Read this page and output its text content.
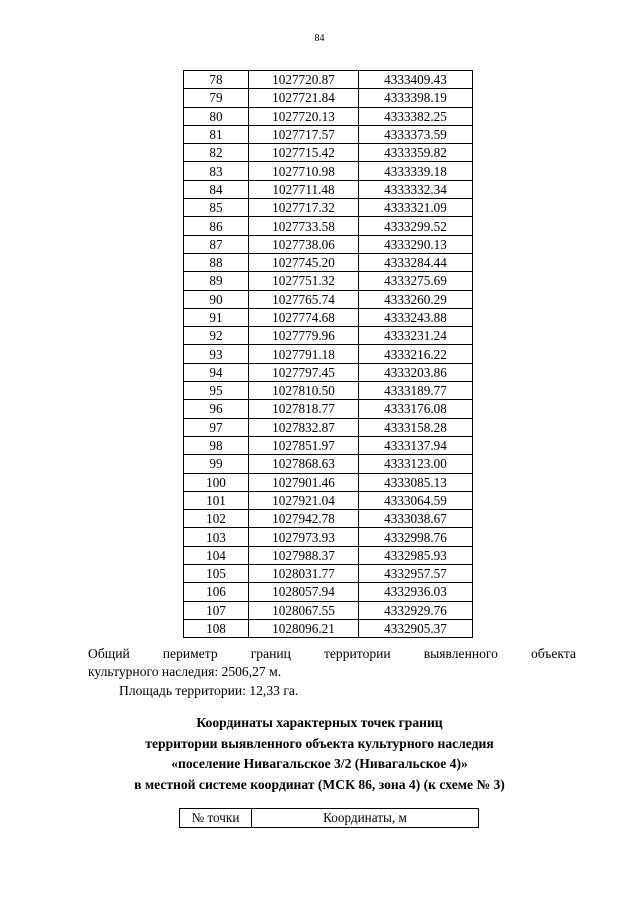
84
78	1027720.87	4333409.43
79	1027721.84	4333398.19
80	1027720.13	4333382.25
81	1027717.57	4333373.59
82	1027715.42	4333359.82
83	1027710.98	4333339.18
84	1027711.48	4333332.34
85	1027717.32	4333321.09
86	1027733.58	4333299.52
87	1027738.06	4333290.13
88	1027745.20	4333284.44
89	1027751.32	4333275.69
90	1027765.74	4333260.29
91	1027774.68	4333243.88
92	1027779.96	4333231.24
93	1027791.18	4333216.22
94	1027797.45	4333203.86
95	1027810.50	4333189.77
96	1027818.77	4333176.08
97	1027832.87	4333158.28
98	1027851.97	4333137.94
99	1027868.63	4333123.00
100	1027901.46	4333085.13
101	1027921.04	4333064.59
102	1027942.78	4333038.67
103	1027973.93	4332998.76
104	1027988.37	4332985.93
105	1028031.77	4332957.57
106	1028057.94	4332936.03
107	1028067.55	4332929.76
108	1028096.21	4332905.37
Общий периметр границ территории выявленного объекта
культурного наследия: 2506,27 м.
Площадь территории: 12,33 га.
Координаты характерных точек границ
территории выявленного объекта культурного наследия
«поселение Нивагальское 3/2 (Нивагальское 4)»
в местной системе координат (МСК 86, зона 4) (к схеме № 3)
№ точки	Координаты, м
